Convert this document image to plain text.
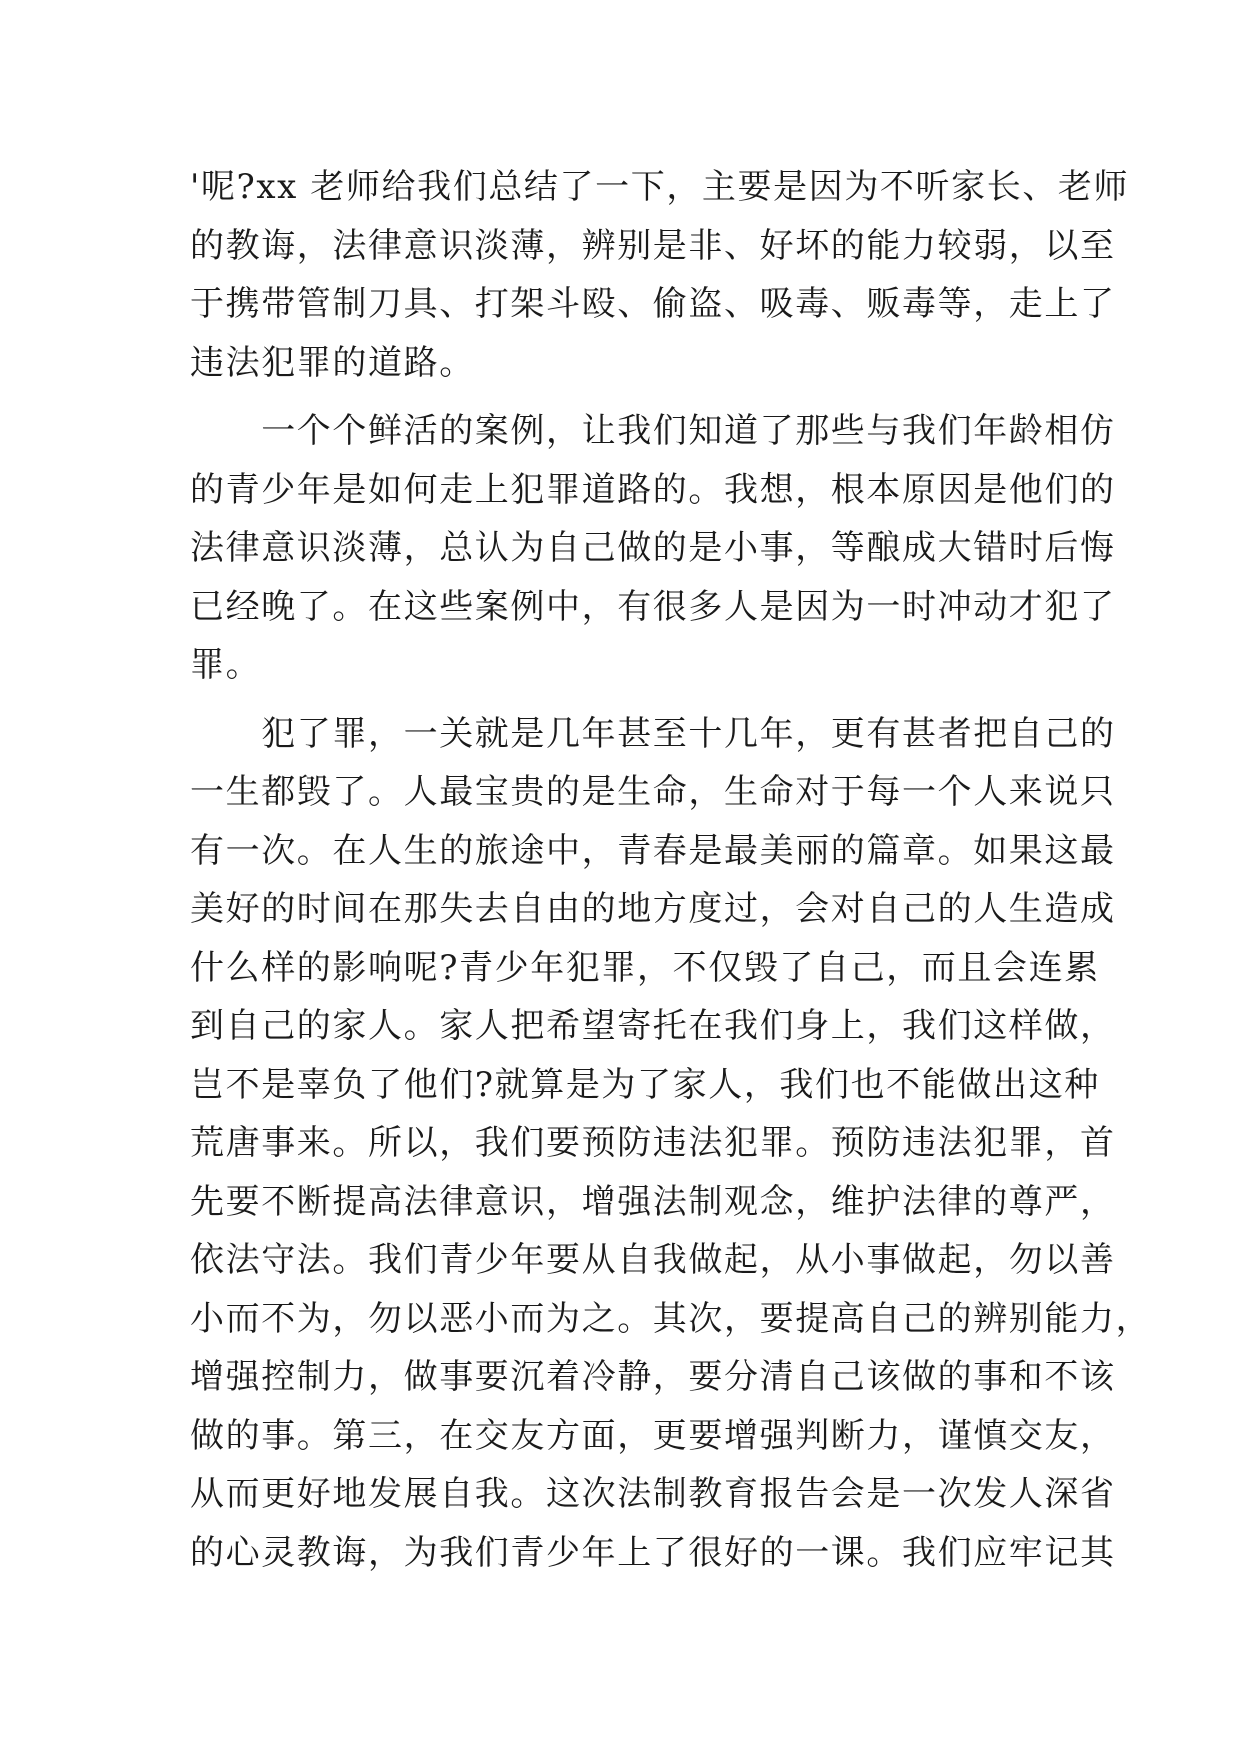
'呢?xx 老师给我们总结了一下，主要是因为不听家长、老师
的教诲，法律意识淡薄，辨别是非、好坏的能力较弱，以至
于携带管制刀具、打架斗殴、偷盗、吸毒、贩毒等，走上了
违法犯罪的道路。
　　一个个鲜活的案例，让我们知道了那些与我们年龄相仿
的青少年是如何走上犯罪道路的。我想，根本原因是他们的
法律意识淡薄，总认为自己做的是小事，等酿成大错时后悔
已经晚了。在这些案例中，有很多人是因为一时冲动才犯了
罪。
　　犯了罪，一关就是几年甚至十几年，更有甚者把自己的
一生都毁了。人最宝贵的是生命，生命对于每一个人来说只
有一次。在人生的旅途中，青春是最美丽的篇章。如果这最
美好的时间在那失去自由的地方度过，会对自己的人生造成
什么样的影响呢?青少年犯罪，不仅毁了自己，而且会连累
到自己的家人。家人把希望寄托在我们身上，我们这样做，
岂不是辜负了他们?就算是为了家人，我们也不能做出这种
荒唐事来。所以，我们要预防违法犯罪。预防违法犯罪，首
先要不断提高法律意识，增强法制观念，维护法律的尊严，
依法守法。我们青少年要从自我做起，从小事做起，勿以善
小而不为，勿以恶小而为之。其次，要提高自己的辨别能力，
增强控制力，做事要沉着冷静，要分清自己该做的事和不该
做的事。第三，在交友方面，更要增强判断力，谨慎交友，
从而更好地发展自我。这次法制教育报告会是一次发人深省
的心灵教诲，为我们青少年上了很好的一课。我们应牢记其
